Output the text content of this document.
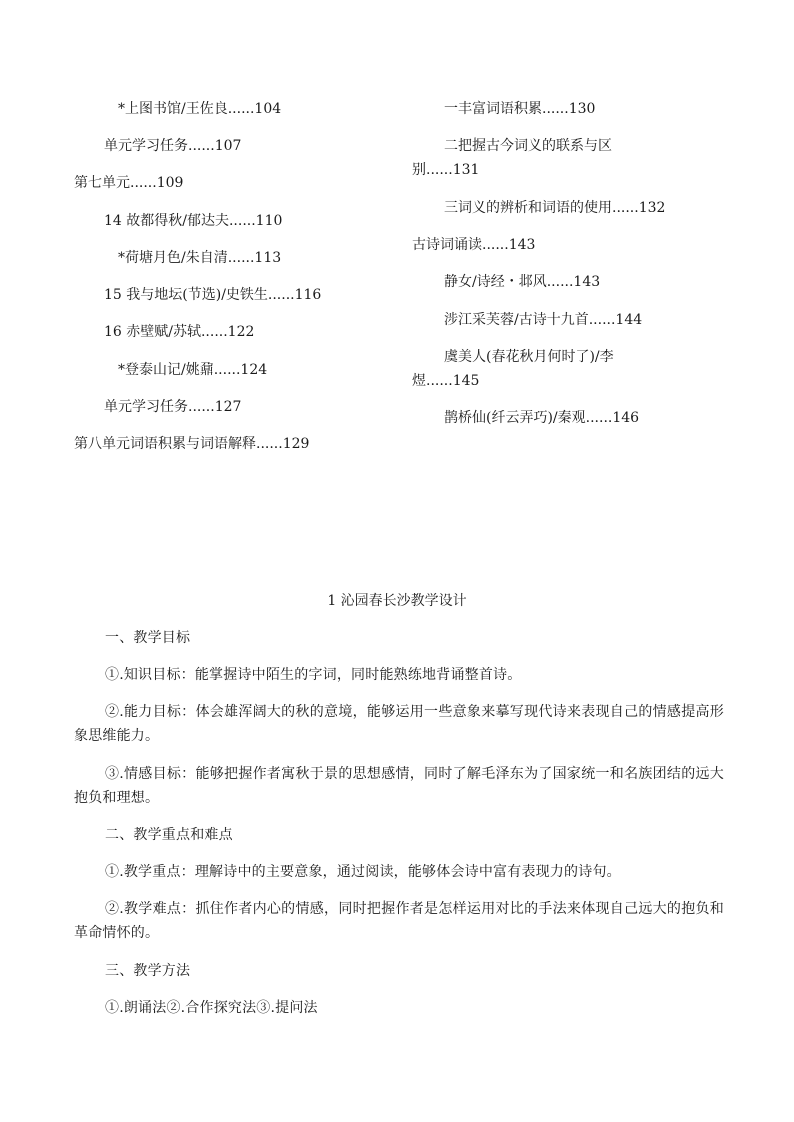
*上图书馆/王佐良......104
单元学习任务......107
第七单元......109
14 故都得秋/郁达夫......110
*荷塘月色/朱自清......113
15 我与地坛(节选)/史铁生......116
16 赤壁赋/苏轼......122
*登泰山记/姚鼐......124
单元学习任务......127
第八单元词语积累与词语解释......129
一丰富词语积累......130
二把握古今词义的联系与区
别......131
三词义的辨析和词语的使用......132
古诗词诵读......143
静女/诗经・邶风......143
涉江采芙蓉/古诗十九首......144
虞美人(春花秋月何时了)/李
煜......145
鹊桥仙(纤云弄巧)/秦观......146
1 沁园春长沙教学设计
一、教学目标
①.知识目标：能掌握诗中陌生的字词，同时能熟练地背诵整首诗。
②.能力目标：体会雄浑阔大的秋的意境，能够运用一些意象来摹写现代诗来表现自己的情感提高形象思维能力。
③.情感目标：能够把握作者寓秋于景的思想感情，同时了解毛泽东为了国家统一和名族团结的远大抱负和理想。
二、教学重点和难点
①.教学重点：理解诗中的主要意象，通过阅读，能够体会诗中富有表现力的诗句。
②.教学难点：抓住作者内心的情感，同时把握作者是怎样运用对比的手法来体现自己远大的抱负和革命情怀的。
三、教学方法
①.朗诵法②.合作探究法③.提问法
